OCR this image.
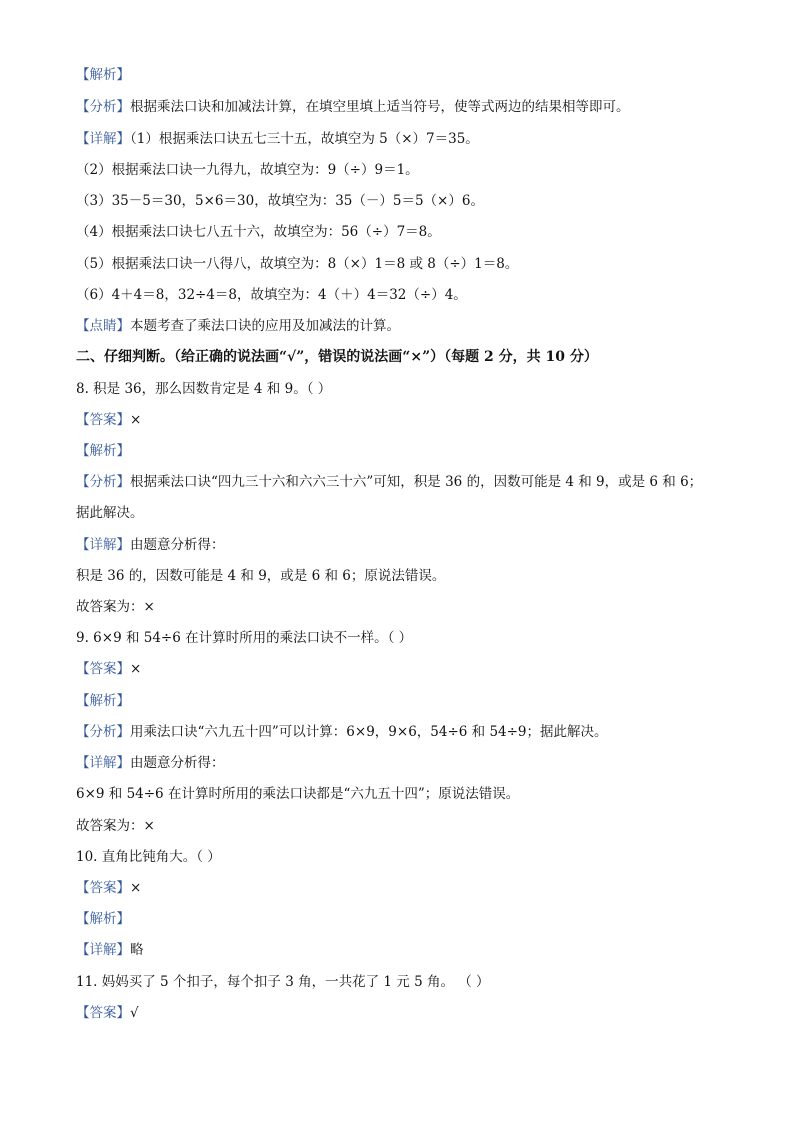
【解析】
【分析】根据乘法口诀和加减法计算，在填空里填上适当符号，使等式两边的结果相等即可。
【详解】（1）根据乘法口诀五七三十五，故填空为 5（×）7＝35。
（2）根据乘法口诀一九得九，故填空为：9（÷）9＝1。
（3）35－5＝30，5×6＝30，故填空为：35（－）5＝5（×）6。
（4）根据乘法口诀七八五十六，故填空为：56（÷）7＝8。
（5）根据乘法口诀一八得八，故填空为：8（×）1＝8 或 8（÷）1＝8。
（6）4＋4＝8，32÷4＝8，故填空为：4（＋）4＝32（÷）4。
【点睛】本题考查了乘法口诀的应用及加减法的计算。
二、仔细判断。（给正确的说法画“√”，错误的说法画“×”）（每题 2 分，共 10 分）
8. 积是 36，那么因数肯定是 4 和 9。（ ）
【答案】×
【解析】
【分析】根据乘法口诀“四九三十六和六六三十六”可知，积是 36 的，因数可能是 4 和 9，或是 6 和 6；
据此解决。
【详解】由题意分析得：
积是 36 的，因数可能是 4 和 9，或是 6 和 6；原说法错误。
故答案为：×
9. 6×9 和 54÷6 在计算时所用的乘法口诀不一样。（ ）
【答案】×
【解析】
【分析】用乘法口诀“六九五十四”可以计算：6×9，9×6，54÷6 和 54÷9；据此解决。
【详解】由题意分析得：
6×9 和 54÷6 在计算时所用的乘法口诀都是“六九五十四”；原说法错误。
故答案为：×
10. 直角比钝角大。（ ）
【答案】×
【解析】
【详解】略
11. 妈妈买了 5 个扣子，每个扣子 3 角，一共花了 1 元 5 角。 （ ）
【答案】√
